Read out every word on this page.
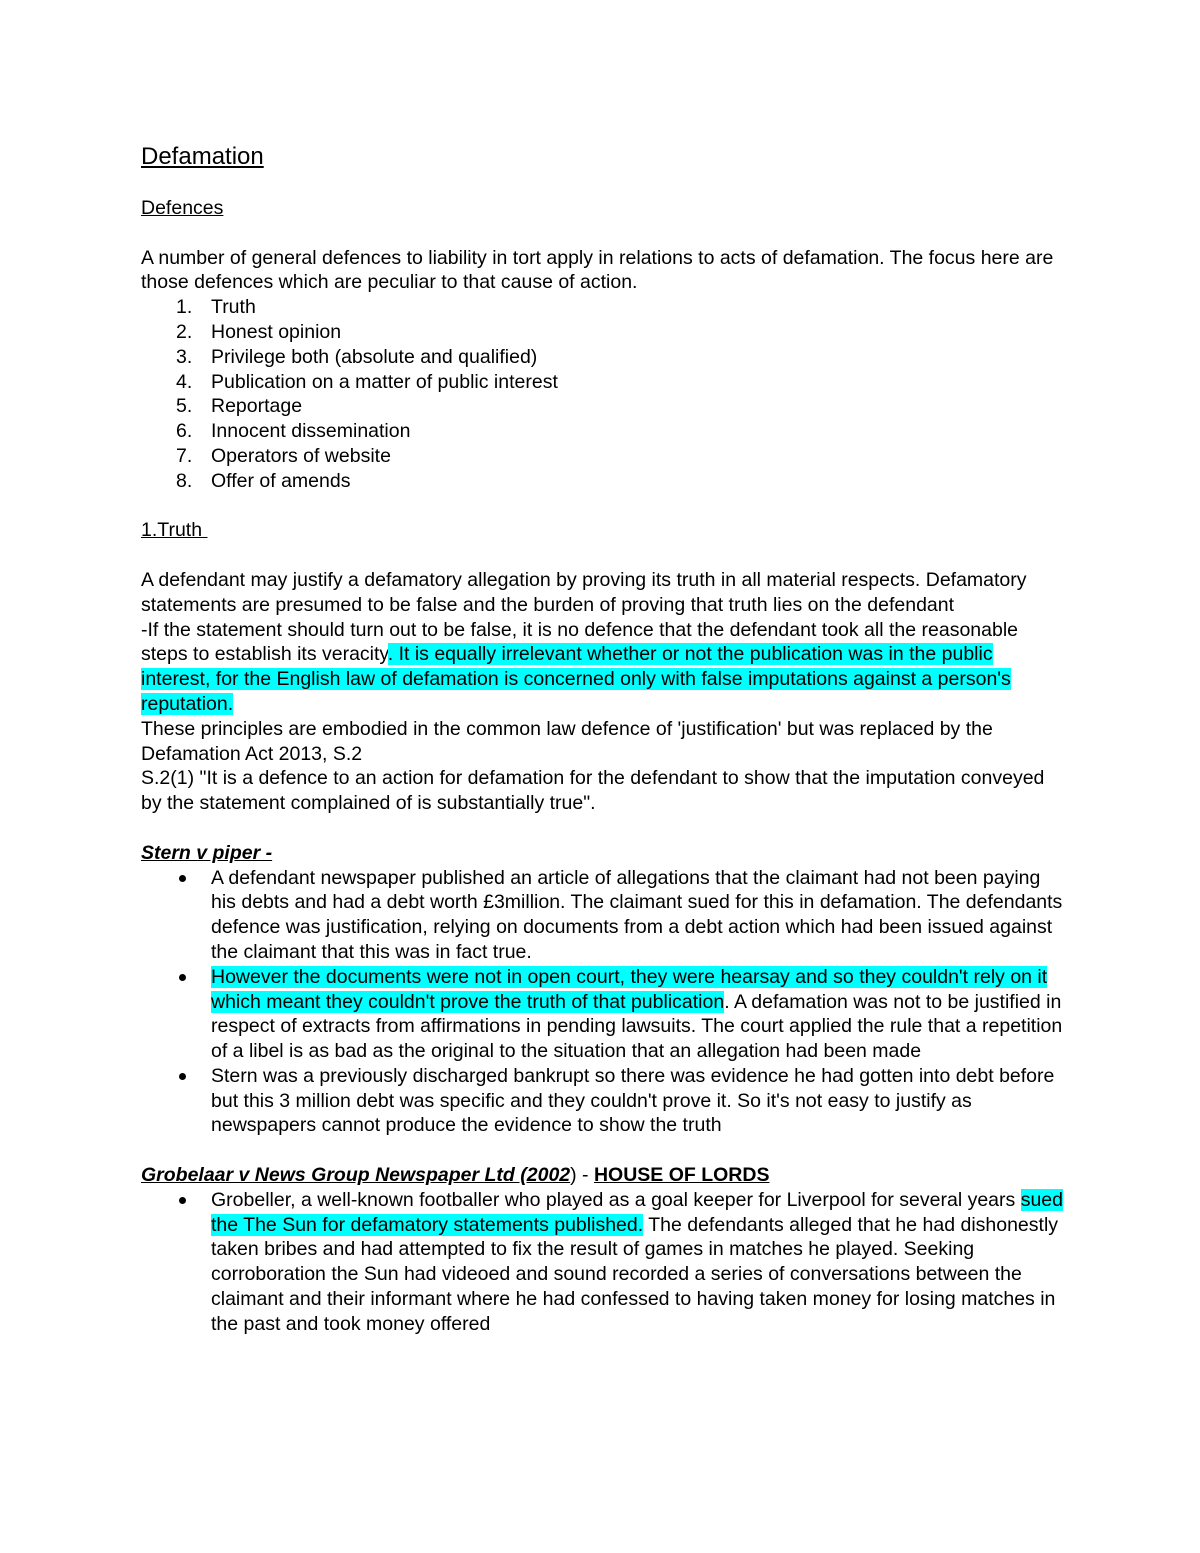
Defamation
Defences

A number of general defences to liability in tort apply in relations to acts of defamation. The focus here are those defences which are peculiar to that cause of action.

1. Truth
2. Honest opinion
3. Privilege both (absolute and qualified)
4. Publication on a matter of public interest
5. Reportage
6. Innocent dissemination
7. Operators of website
8. Offer of amends

1.Truth

A defendant may justify a defamatory allegation by proving its truth in all material respects. Defamatory statements are presumed to be false and the burden of proving that truth lies on the defendant

-If the statement should turn out to be false, it is no defence that the defendant took all the reasonable steps to establish its veracity. It is equally irrelevant whether or not the publication was in the public interest, for the English law of defamation is concerned only with false imputations against a person's reputation.

These principles are embodied in the common law defence of 'justification' but was replaced by the Defamation Act 2013, S.2

S.2(1) "It is a defence to an action for defamation for the defendant to show that the imputation conveyed by the statement complained of is substantially true".

Stern v piper -

A defendant newspaper published an article of allegations that the claimant had not been paying his debts and had a debt worth £3million. The claimant sued for this in defamation. The defendants defence was justification, relying on documents from a debt action which had been issued against the claimant that this was in fact true.
However the documents were not in open court, they were hearsay and so they couldn't rely on it which meant they couldn't prove the truth of that publication. A defamation was not to be justified in respect of extracts from affirmations in pending lawsuits. The court applied the rule that a repetition of a libel is as bad as the original to the situation that an allegation had been made
Stern was a previously discharged bankrupt so there was evidence he had gotten into debt before but this 3 million debt was specific and they couldn't prove it. So it's not easy to justify as newspapers cannot produce the evidence to show the truth

Grobelaar v News Group Newspaper Ltd (2002) - HOUSE OF LORDS

Grobeller, a well-known footballer who played as a goal keeper for Liverpool for several years sued the The Sun for defamatory statements published. The defendants alleged that he had dishonestly taken bribes and had attempted to fix the result of games in matches he played. Seeking corroboration the Sun had videoed and sound recorded a series of conversations between the claimant and their informant where he had confessed to having taken money for losing matches in the past and took money offered
